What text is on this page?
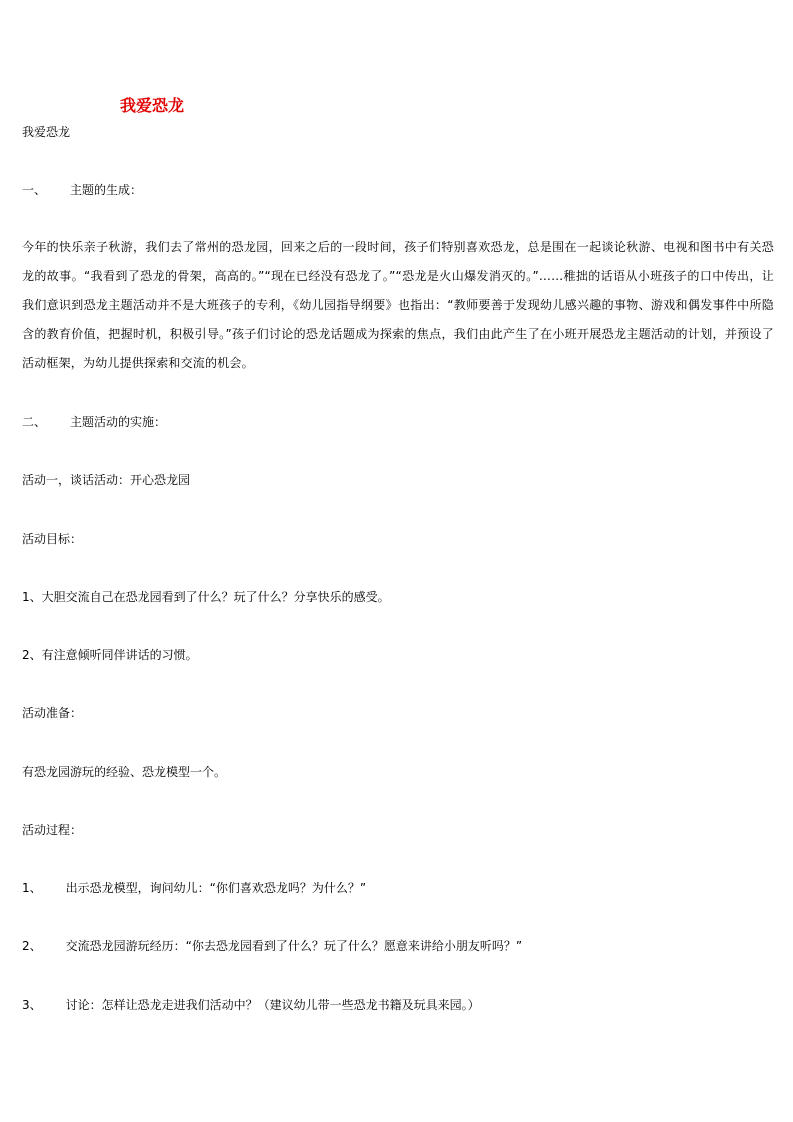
我爱恐龙
我爱恐龙
一、 主题的生成：
今年的快乐亲子秋游，我们去了常州的恐龙园，回来之后的一段时间，孩子们特别喜欢恐龙，总是围在一起谈论秋游、电视和图书中有关恐龙的故事。“我看到了恐龙的骨架，高高的。”“现在已经没有恐龙了。”“恐龙是火山爆发消灭的。”……稚拙的话语从小班孩子的口中传出，让我们意识到恐龙主题活动并不是大班孩子的专利，《幼儿园指导纲要》也指出：“教师要善于发现幼儿感兴趣的事物、游戏和偶发事件中所隐含的教育价值，把握时机，积极引导。”孩子们讨论的恐龙话题成为探索的焦点，我们由此产生了在小班开展恐龙主题活动的计划，并预设了活动框架，为幼儿提供探索和交流的机会。
二、 主题活动的实施：
活动一，谈话活动：开心恐龙园
活动目标：
1、大胆交流自己在恐龙园看到了什么？玩了什么？分享快乐的感受。
2、有注意倾听同伴讲话的习惯。
活动准备：
有恐龙园游玩的经验、恐龙模型一个。
活动过程：
1、 出示恐龙模型，询问幼儿：“你们喜欢恐龙吗？为什么？”
2、 交流恐龙园游玩经历：“你去恐龙园看到了什么？玩了什么？愿意来讲给小朋友听吗？”
3、 讨论：怎样让恐龙走进我们活动中？（建议幼儿带一些恐龙书籍及玩具来园。）
